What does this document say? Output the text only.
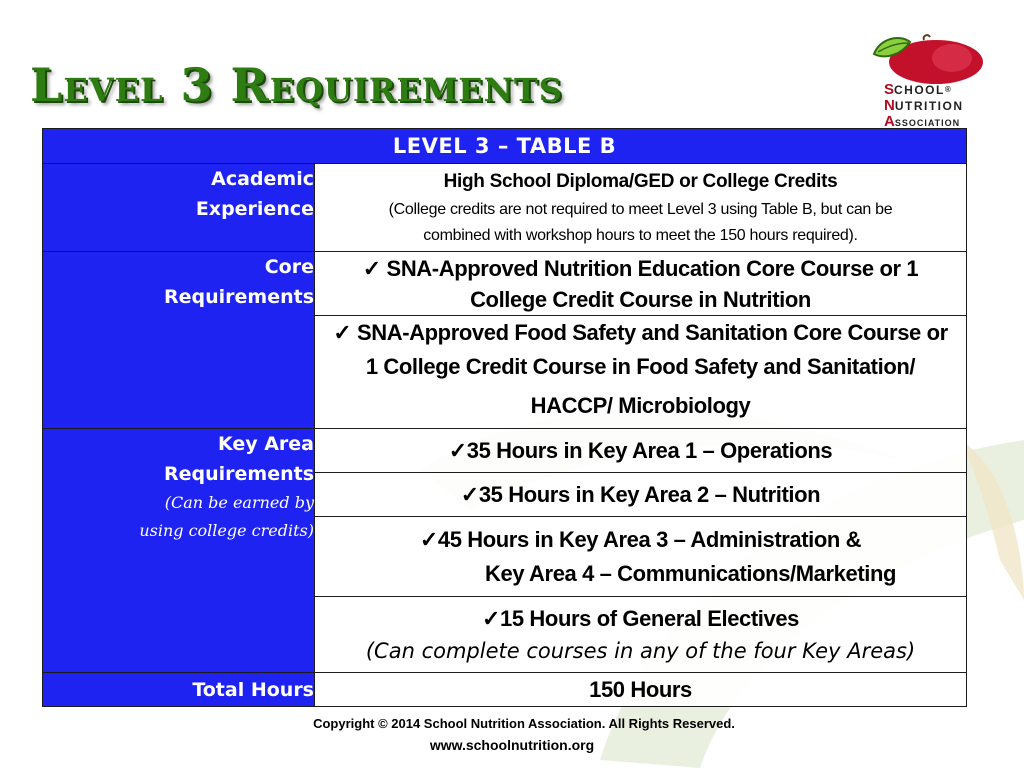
Level 3 Requirements	SCHOOL®
NUTRITION
ASSOCIATION
LEVEL 3 – TABLE B	

Academic
Experience	High School Diploma/GED or College Credits
(College credits are not required to meet Level 3 using Table B, but can be
combined with workshop hours to meet the 150 hours required).

Core
Requirements	✓ SNA-Approved Nutrition Education Core Course or 1
College Credit Course in Nutrition

	✓ SNA-Approved Food Safety and Sanitation Core Course or
1 College Credit Course in Food Safety and Sanitation/
HACCP/ Microbiology

Key Area
Requirements
(Can be earned by
using college credits)	✓35 Hours in Key Area 1 – Operations
	✓35 Hours in Key Area 2 – Nutrition

	✓45 Hours in Key Area 3 – Administration &
Key Area 4 – Communications/Marketing

	✓15 Hours of General Electives
(Can complete courses in any of the four Key Areas)

Total Hours	150 Hours
Copyright © 2014 School Nutrition Association. All Rights Reserved.
www.schoolnutrition.org
